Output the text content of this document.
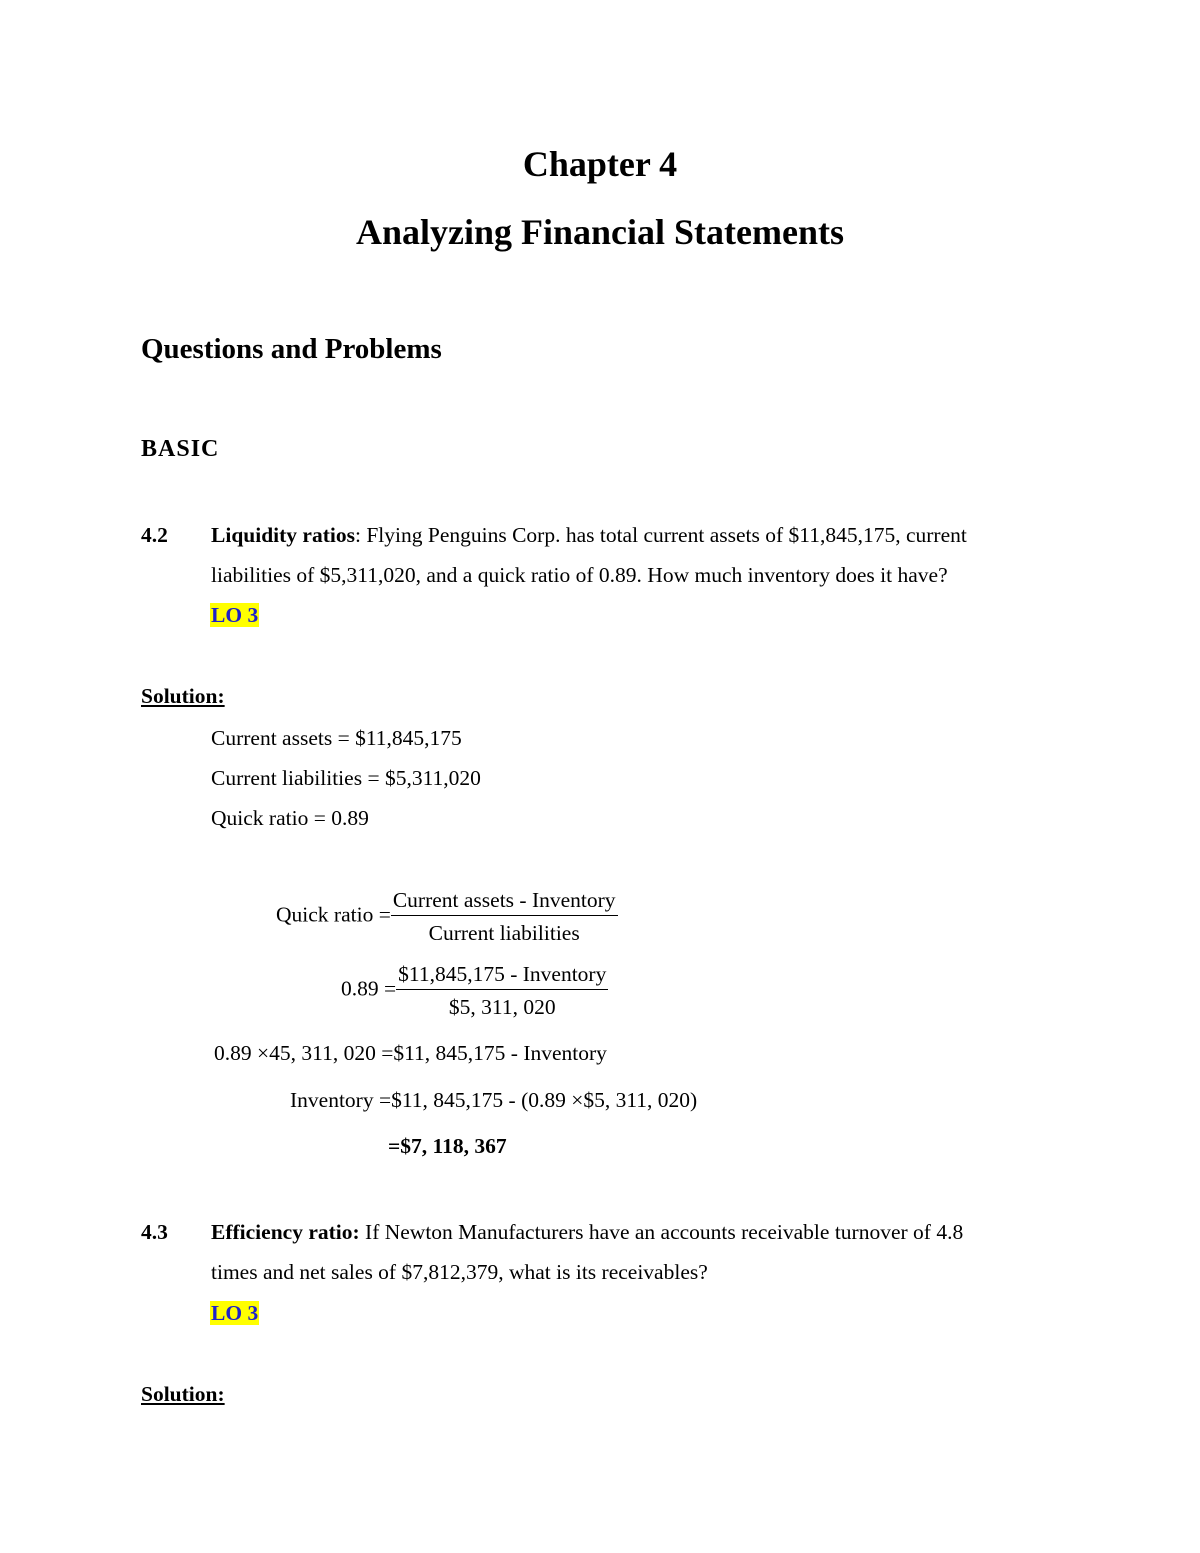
Chapter 4
Analyzing Financial Statements
Questions and Problems
BASIC
4.2 Liquidity ratios: Flying Penguins Corp. has total current assets of $11,845,175, current
liabilities of $5,311,020, and a quick ratio of 0.89. How much inventory does it have?
LO 3
Solution:
Current assets = $11,845,175
Current liabilities = $5,311,020
Quick ratio = 0.89
Quick ratio = $\frac{\text{Current assets - Inventory}}{\text{Current liabilities}}$
$0.89 = \frac{\text{\$11,845,175 - Inventory}}{\$5, 311, 020}$
0.89 ×45, 311, 020 =$11, 845,175 - Inventory
Inventory =$11, 845,175 - (0.89 ×$5, 311, 020)
=$7, 118, 367
4.3 Efficiency ratio: If Newton Manufacturers have an accounts receivable turnover of 4.8
times and net sales of $7,812,379, what is its receivables?
LO 3
Solution:
